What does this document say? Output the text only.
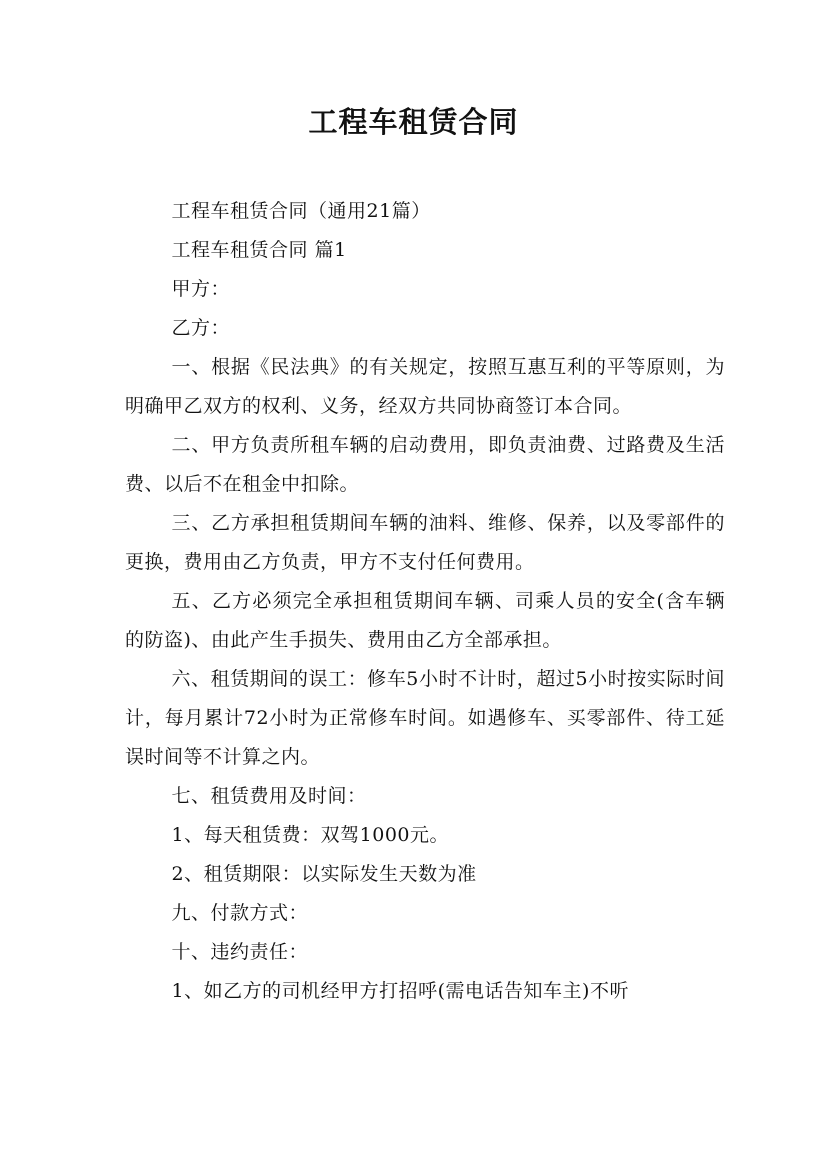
工程车租赁合同

工程车租赁合同（通用21篇）

工程车租赁合同 篇1

甲方：

乙方：

一、根据《民法典》的有关规定，按照互惠互利的平等原则，为明确甲乙双方的权利、义务，经双方共同协商签订本合同。

二、甲方负责所租车辆的启动费用，即负责油费、过路费及生活费、以后不在租金中扣除。

三、乙方承担租赁期间车辆的油料、维修、保养，以及零部件的更换，费用由乙方负责，甲方不支付任何费用。

五、乙方必须完全承担租赁期间车辆、司乘人员的安全(含车辆的防盗)、由此产生手损失、费用由乙方全部承担。

六、租赁期间的误工：修车5小时不计时，超过5小时按实际时间计，每月累计72小时为正常修车时间。如遇修车、买零部件、待工延误时间等不计算之内。

七、租赁费用及时间：

1、每天租赁费：双驾1000元。

2、租赁期限：以实际发生天数为准

九、付款方式：

十、违约责任：

1、如乙方的司机经甲方打招呼(需电话告知车主)不听
